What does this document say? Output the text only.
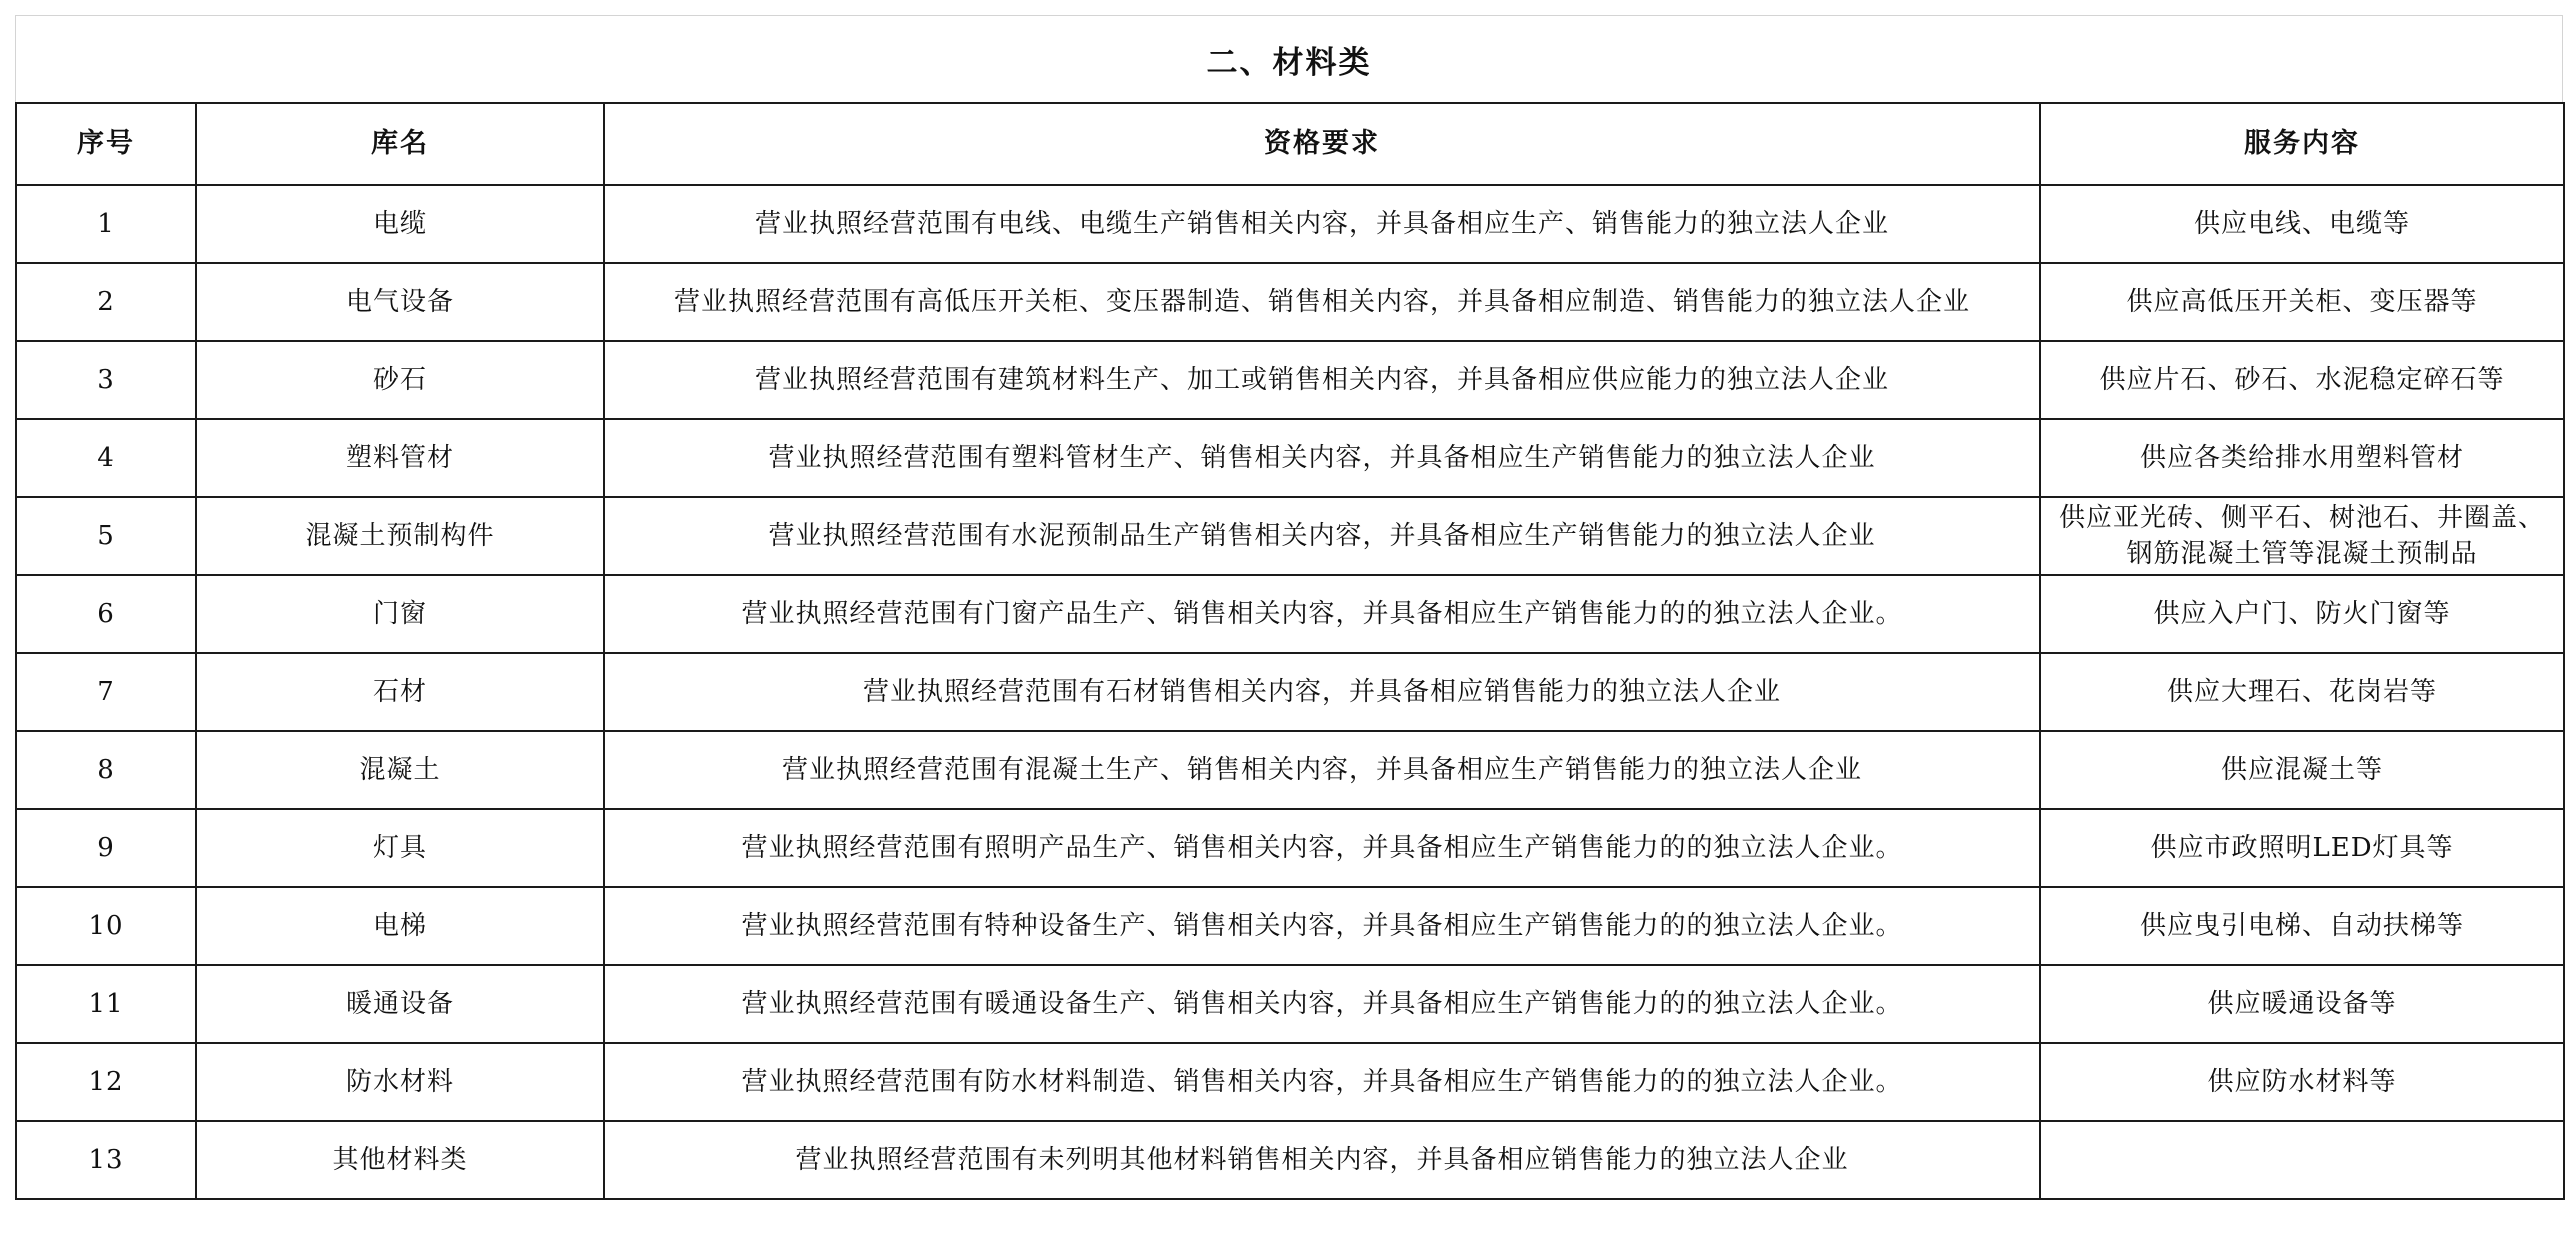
二、材料类
序号	库名	资格要求	服务内容
1	电缆	营业执照经营范围有电线、电缆生产销售相关内容，并具备相应生产、销售能力的独立法人企业	供应电线、电缆等
2	电气设备	营业执照经营范围有高低压开关柜、变压器制造、销售相关内容，并具备相应制造、销售能力的独立法人企业	供应高低压开关柜、变压器等
3	砂石	营业执照经营范围有建筑材料生产、加工或销售相关内容，并具备相应供应能力的独立法人企业	供应片石、砂石、水泥稳定碎石等
4	塑料管材	营业执照经营范围有塑料管材生产、销售相关内容，并具备相应生产销售能力的独立法人企业	供应各类给排水用塑料管材
5	混凝土预制构件	营业执照经营范围有水泥预制品生产销售相关内容，并具备相应生产销售能力的独立法人企业	供应亚光砖、侧平石、树池石、井圈盖、钢筋混凝土管等混凝土预制品
6	门窗	营业执照经营范围有门窗产品生产、销售相关内容，并具备相应生产销售能力的的独立法人企业。	供应入户门、防火门窗等
7	石材	营业执照经营范围有石材销售相关内容，并具备相应销售能力的独立法人企业	供应大理石、花岗岩等
8	混凝土	营业执照经营范围有混凝土生产、销售相关内容，并具备相应生产销售能力的独立法人企业	供应混凝土等
9	灯具	营业执照经营范围有照明产品生产、销售相关内容，并具备相应生产销售能力的的独立法人企业。	供应市政照明LED灯具等
10	电梯	营业执照经营范围有特种设备生产、销售相关内容，并具备相应生产销售能力的的独立法人企业。	供应曳引电梯、自动扶梯等
11	暖通设备	营业执照经营范围有暖通设备生产、销售相关内容，并具备相应生产销售能力的的独立法人企业。	供应暖通设备等
12	防水材料	营业执照经营范围有防水材料制造、销售相关内容，并具备相应生产销售能力的的独立法人企业。	供应防水材料等
13	其他材料类	营业执照经营范围有未列明其他材料销售相关内容，并具备相应销售能力的独立法人企业	
